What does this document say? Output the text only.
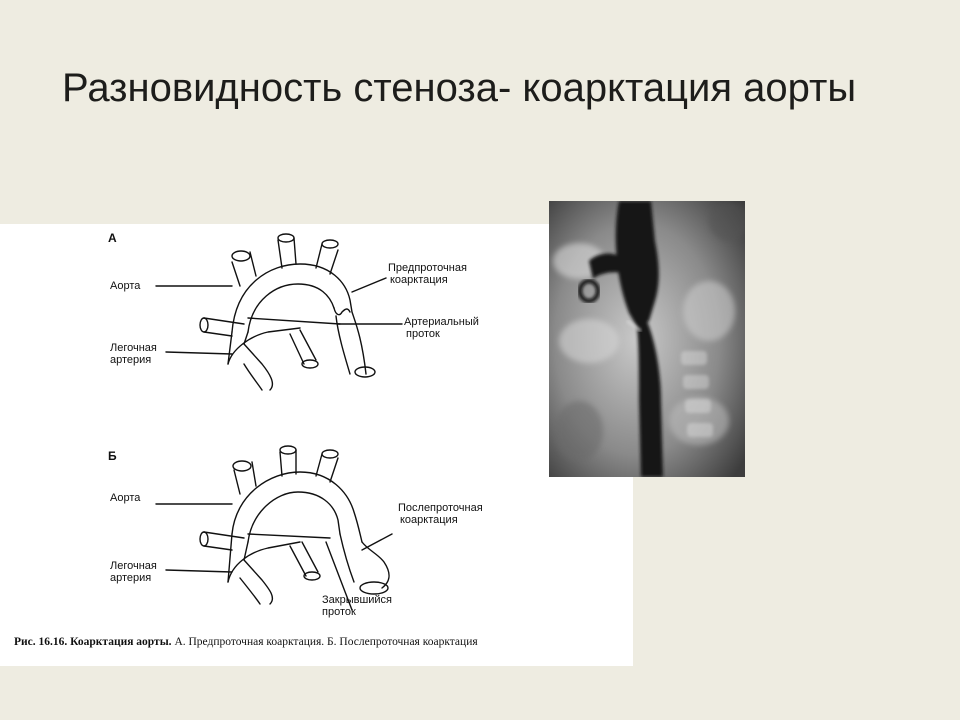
Разновидность стеноза- коарктация аорты
А
Аорта
Легочная
артерия
Предпроточная
коарктация
Артериальный
проток
Б
Аорта
Легочная
артерия
Послепроточная
коарктация
Закрывшийся
проток
Рис. 16.16. Коарктация аорты. А. Предпроточная коарктация. Б. Послепроточная коарктация
